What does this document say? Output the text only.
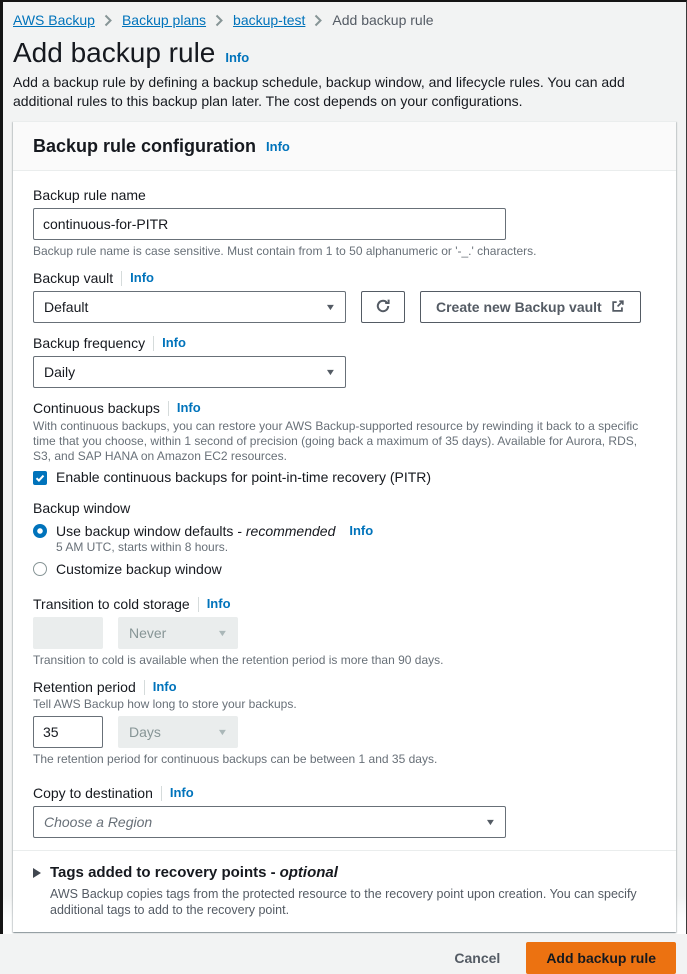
AWS Backup Backup plans backup-test Add backup rule
Add backup rule Info

Add a backup rule by defining a backup schedule, backup window, and lifecycle rules. You can add additional rules to this backup plan later. The cost depends on your configurations.

Backup rule configuration Info
Backup rule name
continuous-for-PITR
Backup rule name is case sensitive. Must contain from 1 to 50 alphanumeric or '-_.' characters.
Backup vault Info
Default	▼	Create new Backup vault
Backup frequency Info
Daily	▼
Continuous backups Info

With continuous backups, you can restore your AWS Backup-supported resource by rewinding it back to a specific time that you choose, within 1 second of precision (going back a maximum of 35 days). Available for Aurora, RDS, S3, and SAP HANA on Amazon EC2 resources.

Enable continuous backups for point-in-time recovery (PITR)
Backup window
Use backup window defaults - recommended Info
5 AM UTC, starts within 8 hours.
Customize backup window
Transition to cold storage Info
Never	▼
Transition to cold is available when the retention period is more than 90 days.
Retention period Info

Tell AWS Backup how long to store your backups.

35
Days	▼
The retention period for continuous backups can be between 1 and 35 days.
Copy to destination Info
Choose a Region	▼
Tags added to recovery points - optional

AWS Backup copies tags from the protected resource to the recovery point upon creation. You can specify additional tags to add to the recovery point.

Cancel	Add backup rule
